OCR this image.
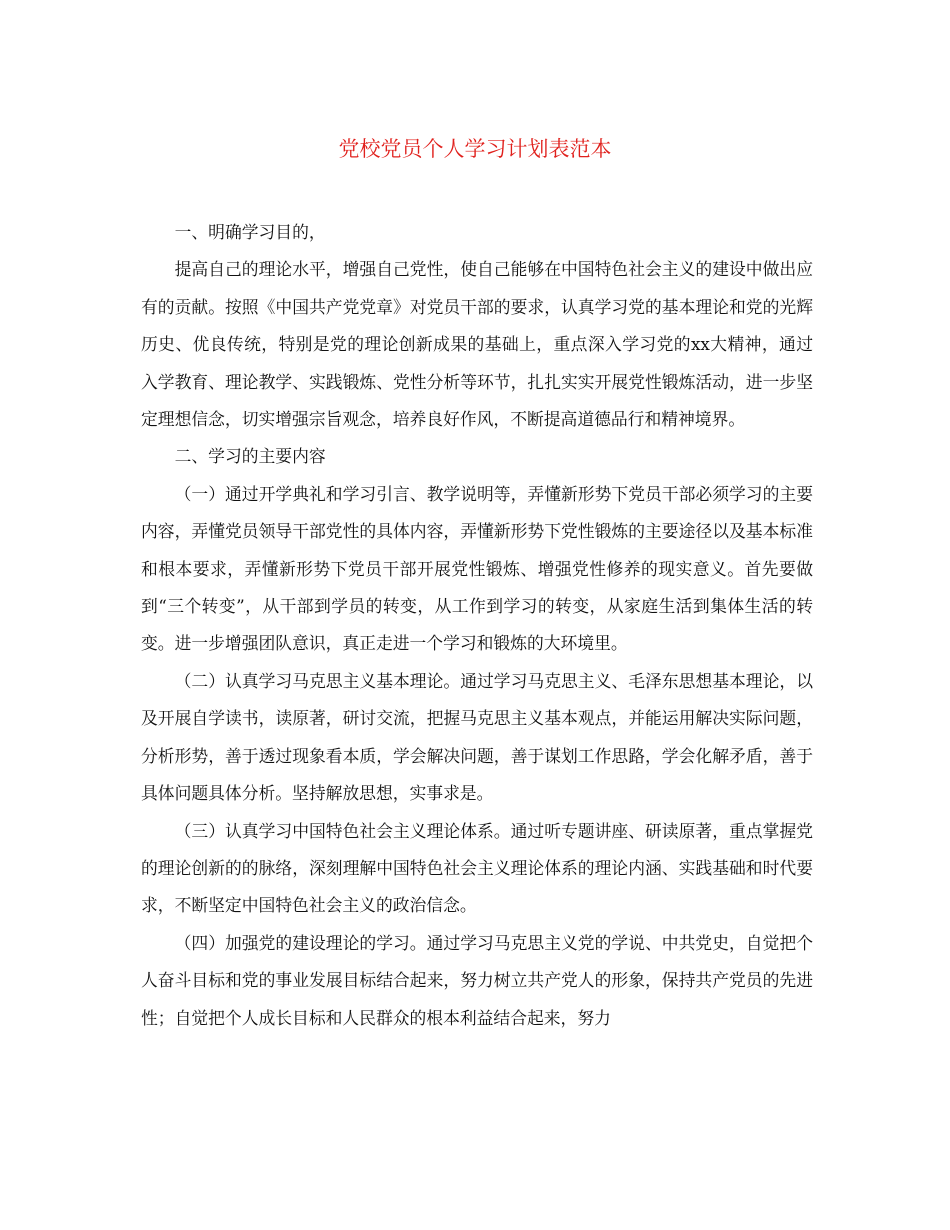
党校党员个人学习计划表范本

一、明确学习目的，

提高自己的理论水平，增强自己党性，使自己能够在中国特色社会主义的建设中做出应有的贡献。按照《中国共产党党章》对党员干部的要求，认真学习党的基本理论和党的光辉历史、优良传统，特别是党的理论创新成果的基础上，重点深入学习党的xx大精神，通过入学教育、理论教学、实践锻炼、党性分析等环节，扎扎实实开展党性锻炼活动，进一步坚定理想信念，切实增强宗旨观念，培养良好作风，不断提高道德品行和精神境界。

二、学习的主要内容

（一）通过开学典礼和学习引言、教学说明等，弄懂新形势下党员干部必须学习的主要内容，弄懂党员领导干部党性的具体内容，弄懂新形势下党性锻炼的主要途径以及基本标准和根本要求，弄懂新形势下党员干部开展党性锻炼、增强党性修养的现实意义。首先要做到“三个转变”，从干部到学员的转变，从工作到学习的转变，从家庭生活到集体生活的转变。进一步增强团队意识，真正走进一个学习和锻炼的大环境里。

（二）认真学习马克思主义基本理论。通过学习马克思主义、毛泽东思想基本理论，以及开展自学读书，读原著，研讨交流，把握马克思主义基本观点，并能运用解决实际问题，分析形势，善于透过现象看本质，学会解决问题，善于谋划工作思路，学会化解矛盾，善于具体问题具体分析。坚持解放思想，实事求是。

（三）认真学习中国特色社会主义理论体系。通过听专题讲座、研读原著，重点掌握党的理论创新的的脉络，深刻理解中国特色社会主义理论体系的理论内涵、实践基础和时代要求，不断坚定中国特色社会主义的政治信念。

（四）加强党的建设理论的学习。通过学习马克思主义党的学说、中共党史，自觉把个人奋斗目标和党的事业发展目标结合起来，努力树立共产党人的形象，保持共产党员的先进性；自觉把个人成长目标和人民群众的根本利益结合起来，努力
